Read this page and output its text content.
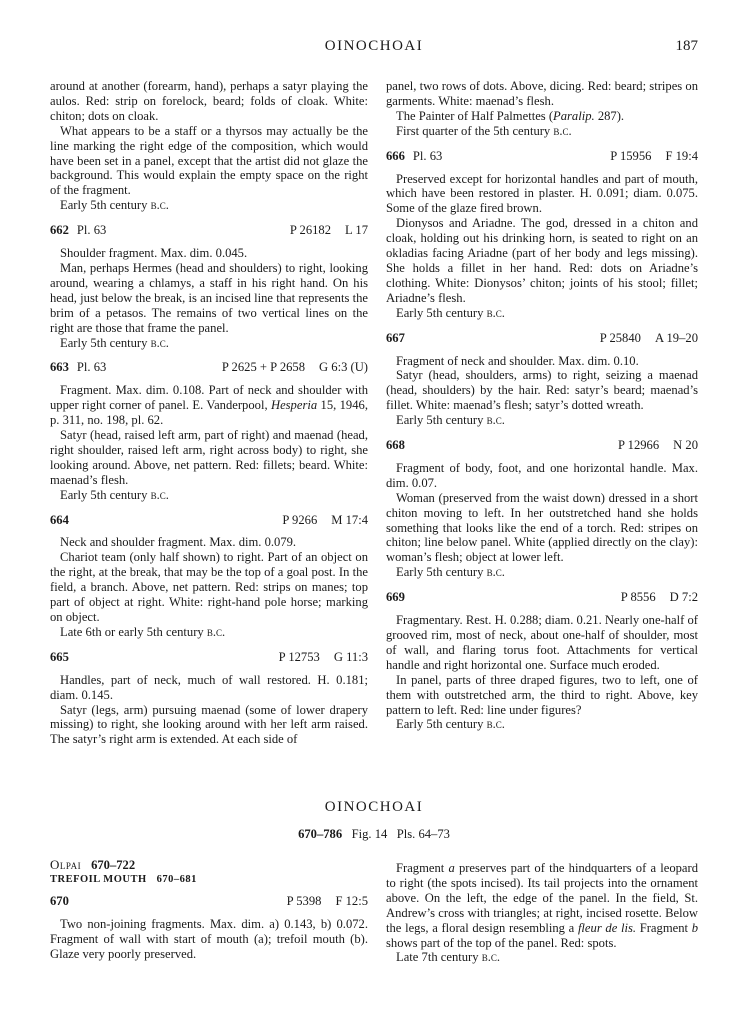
OINOCHOAI	187

around at another (forearm, hand), perhaps a satyr playing the aulos. Red: strip on forelock, beard; folds of cloak. White: chiton; dots on cloak.

What appears to be a staff or a thyrsos may actually be the line marking the right edge of the composition, which would have been set in a panel, except that the artist did not glaze the background. This would explain the empty space on the right of the fragment.

Early 5th century b.c.

662 Pl. 63	P 26182 L 17

Shoulder fragment. Max. dim. 0.045.

Man, perhaps Hermes (head and shoulders) to right, looking around, wearing a chlamys, a staff in his right hand. On his head, just below the break, is an incised line that represents the brim of a petasos. The remains of two vertical lines on the right are those that frame the panel.

Early 5th century b.c.

663 Pl. 63	P 2625 + P 2658 G 6:3 (U)

Fragment. Max. dim. 0.108. Part of neck and shoulder with upper right corner of panel. E. Vanderpool, Hesperia 15, 1946, p. 311, no. 198, pl. 62.

Satyr (head, raised left arm, part of right) and maenad (head, right shoulder, raised left arm, right across body) to right, she looking around. Above, net pattern. Red: fillets; beard. White: maenad’s flesh.

Early 5th century b.c.

664	P 9266 M 17:4

Neck and shoulder fragment. Max. dim. 0.079.

Chariot team (only half shown) to right. Part of an object on the right, at the break, that may be the top of a goal post. In the field, a branch. Above, net pattern. Red: strips on manes; top part of object at right. White: right-hand pole horse; marking on object.

Late 6th or early 5th century b.c.

665	P 12753 G 11:3

Handles, part of neck, much of wall restored. H. 0.181; diam. 0.145.

Satyr (legs, arm) pursuing maenad (some of lower drapery missing) to right, she looking around with her left arm raised. The satyr’s right arm is extended. At each side of

panel, two rows of dots. Above, dicing. Red: beard; stripes on garments. White: maenad’s flesh.

The Painter of Half Palmettes (Paralip. 287).

First quarter of the 5th century b.c.

666 Pl. 63	P 15956 F 19:4

Preserved except for horizontal handles and part of mouth, which have been restored in plaster. H. 0.091; diam. 0.075. Some of the glaze fired brown.

Dionysos and Ariadne. The god, dressed in a chiton and cloak, holding out his drinking horn, is seated to right on an okladias facing Ariadne (part of her body and legs missing). She holds a fillet in her hand. Red: dots on Ariadne’s clothing. White: Dionysos’ chiton; joints of his stool; fillet; Ariadne’s flesh.

Early 5th century b.c.

667	P 25840 A 19–20

Fragment of neck and shoulder. Max. dim. 0.10.

Satyr (head, shoulders, arms) to right, seizing a maenad (head, shoulders) by the hair. Red: satyr’s beard; maenad’s fillet. White: maenad’s flesh; satyr’s dotted wreath.

Early 5th century b.c.

668	P 12966 N 20

Fragment of body, foot, and one horizontal handle. Max. dim. 0.07.

Woman (preserved from the waist down) dressed in a short chiton moving to left. In her outstretched hand she holds something that looks like the end of a torch. Red: stripes on chiton; line below panel. White (applied directly on the clay): woman’s flesh; object at lower left.

Early 5th century b.c.

669	P 8556 D 7:2

Fragmentary. Rest. H. 0.288; diam. 0.21. Nearly one-half of grooved rim, most of neck, about one-half of shoulder, most of wall, and flaring torus foot. Attachments for vertical handle and right horizontal one. Surface much eroded.

In panel, parts of three draped figures, two to left, one of them with outstretched arm, the third to right. Above, key pattern to left. Red: line under figures?

Early 5th century b.c.

OINOCHOAI
670–786 Fig. 14 Pls. 64–73

Olpai 670–722

TREFOIL MOUTH 670–681

670	P 5398 F 12:5

Two non-joining fragments. Max. dim. a) 0.143, b) 0.072. Fragment of wall with start of mouth (a); trefoil mouth (b). Glaze very poorly preserved.

Fragment a preserves part of the hindquarters of a leopard to right (the spots incised). Its tail projects into the ornament above. On the left, the edge of the panel. In the field, St. Andrew’s cross with triangles; at right, incised rosette. Below the legs, a floral design resembling a fleur de lis. Fragment b shows part of the top of the panel. Red: spots.

Late 7th century b.c.
